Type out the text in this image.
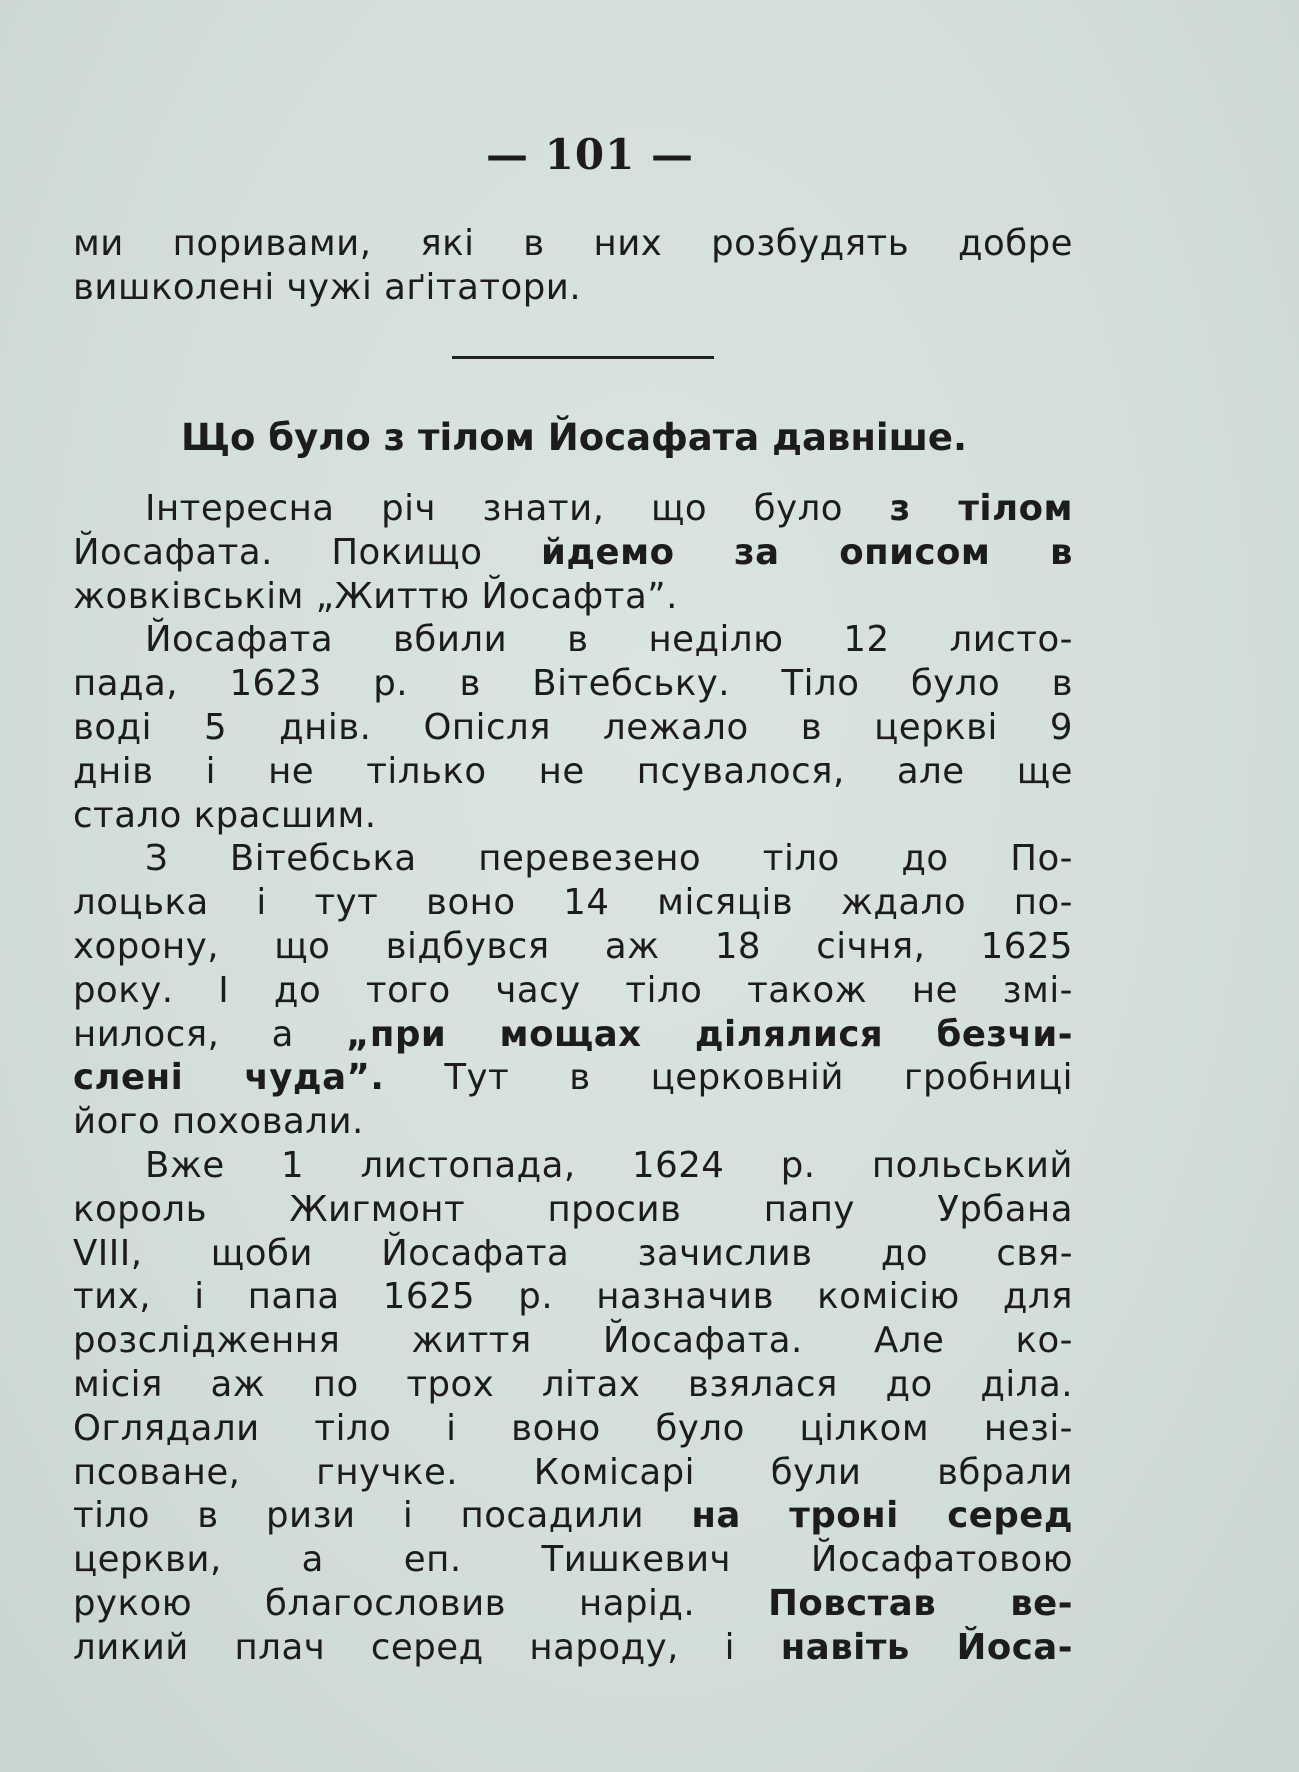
— 101 —
ми поривами, які в них розбудять добре
вишколені чужі аґітатори.
Що було з тілом Йосафата давніше.
Інтересна річ знати, що було з тілом
Йосафата. Покищо йдемо за описом в
жовківськім „Життю Йосафта”.
Йосафата вбили в неділю 12 листо-
пада, 1623 р. в Вітебську. Тіло було в
воді 5 днів. Опісля лежало в церкві 9
днів і не тілько не псувалося, але ще
стало красшим.
З Вітебська перевезено тіло до По-
лоцька і тут воно 14 місяців ждало по-
хорону, що відбувся аж 18 січня, 1625
року. І до того часу тіло також не змі-
нилося, а „при мощах ділялися безчи-
слені чуда”. Тут в церковній гробниці
його поховали.
Вже 1 листопада, 1624 р. польський
король Жигмонт просив папу Урбана
VIII, щоби Йосафата зачислив до свя-
тих, і папа 1625 р. назначив комісію для
розслідження життя Йосафата. Але ко-
місія аж по трох літах взялася до діла.
Оглядали тіло і воно було цілком незі-
псоване, гнучке. Комісарі були вбрали
тіло в ризи і посадили на троні серед
церкви, а еп. Тишкевич Йосафатовою
рукою благословив нарід. Повстав ве-
ликий плач серед народу, і навіть Йоса-
